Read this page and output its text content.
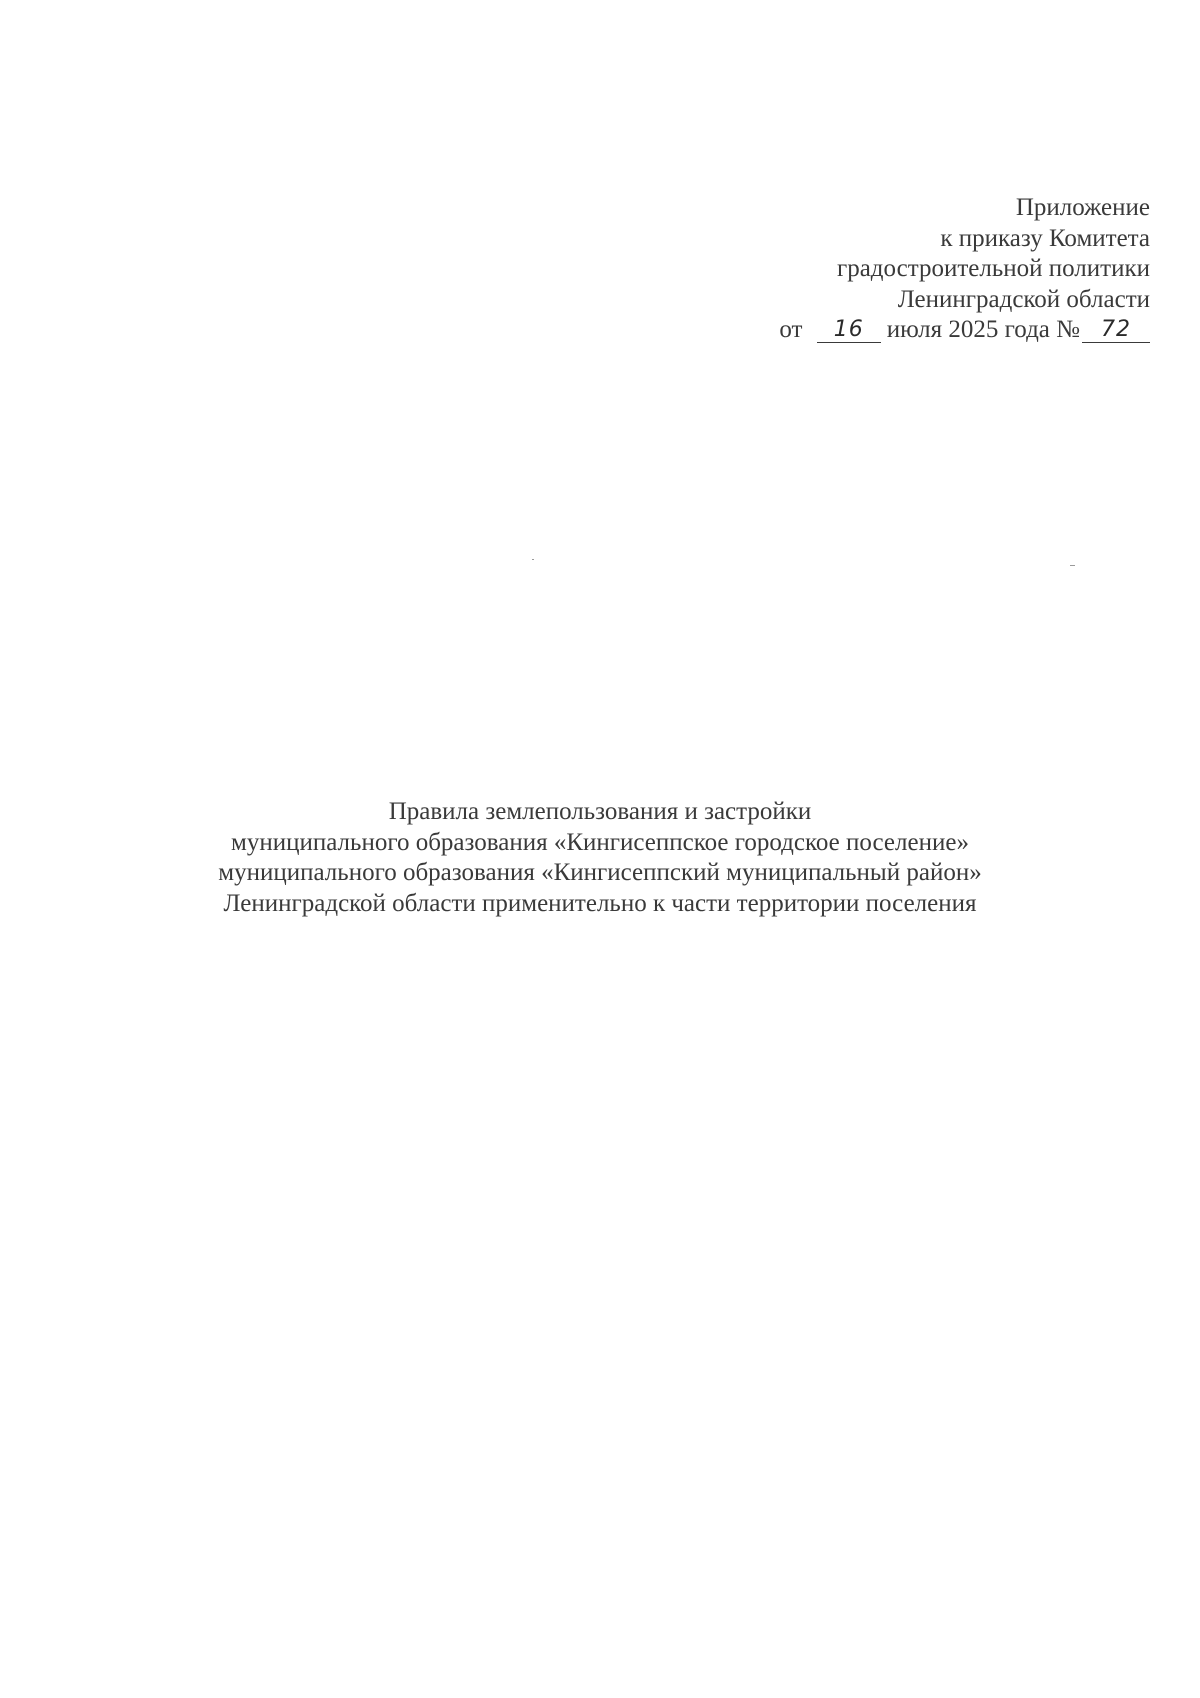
Приложение
к приказу Комитета
градостроительной политики
Ленинградской области
от 16 июля 2025 года № 72
Правила землепользования и застройки
муниципального образования «Кингисеппское городское поселение»
муниципального образования «Кингисеппский муниципальный район»
Ленинградской области применительно к части территории поселения
